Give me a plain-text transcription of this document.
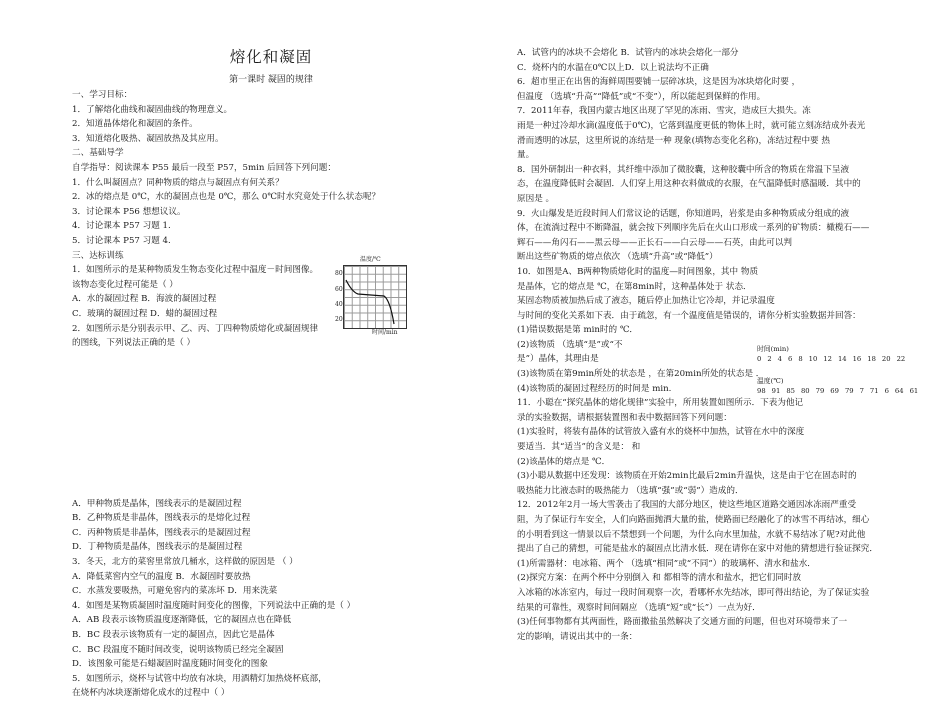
熔化和凝固

第一课时 凝固的规律

一、学习目标：

1．了解熔化曲线和凝固曲线的物理意义。

2．知道晶体熔化和凝固的条件。

3．知道熔化吸热、凝固放热及其应用。

二、基础导学

自学指导：阅读课本 P55 最后一段至 P57，5min 后回答下列问题：

1．什么叫凝固点？同种物质的熔点与凝固点有何关系？

2．冰的熔点是 0℃，水的凝固点也是 0℃，那么 0℃时水究竟处于什么状态呢？

3．讨论课本 P56 想想议议。

4．讨论课本 P57 习题 1.

5．讨论课本 P57 习题 4.

三、达标训练

1．如图所示的是某种物质发生物态变化过程中温度－时间图像。

该物态变化过程可能是（ ）

A．水的凝固过程 B．海波的凝固过程

C．玻璃的凝固过程 D．蜡的凝固过程

2．如图所示是分别表示甲、乙、丙、丁四种物质熔化或凝固规律

的图线，下列说法正确的是（ ）

A．甲种物质是晶体，图线表示的是凝固过程

B．乙种物质是非晶体，图线表示的是熔化过程

C．丙种物质是非晶体，图线表示的是凝固过程

D．丁种物质是晶体，图线表示的是凝固过程

3．冬天，北方的菜窖里常放几桶水，这样做的原因是 （ ）

A．降低菜窖内空气的温度 B．水凝固时要放热

C．水蒸发要吸热，可避免窖内的菜冻坏 D．用来洗菜

4．如图是某物质凝固时温度随时间变化的图像，下列说法中正确的是（ ）

A．AB 段表示该物质温度逐渐降低，它的凝固点也在降低

B．BC 段表示该物质有一定的凝固点，因此它是晶体

C．BC 段温度不随时间改变，说明该物质已经完全凝固

D．该图象可能是石蜡凝固时温度随时间变化的图象

5．如图所示，烧杯与试管中均放有冰块，用酒精灯加热烧杯底部，

在烧杯内冰块逐渐熔化成水的过程中（ ）

温度/℃
时间/min
80
60
40
20

A．试管内的冰块不会熔化 B．试管内的冰块会熔化一部分

C．烧杯内的水温在0℃以上D．以上说法均不正确

6．超市里正在出售的海鲜周围要铺一层碎冰块，这是因为冰块熔化时要 ，

但温度 （选填“升高”“降低”或“不变”），所以能起到保鲜的作用。

7．2011年春，我国内蒙古地区出现了罕见的冻雨、雪灾，造成巨大损失。冻

雨是一种过冷却水滴(温度低于0℃)，它落到温度更低的物体上时，就可能立刻冻结成外表光

滑而透明的冰层，这里所说的冻结是一种 现象(填物态变化名称)，冻结过程中要 热

量。

8．国外研制出一种衣料，其纤维中添加了微胶囊，这种胶囊中所含的物质在常温下呈液

态，在温度降低时会凝固．人们穿上用这种衣料做成的衣服，在气温降低时感温暖．其中的

原因是 。

9．火山爆发是近段时间人们常议论的话题，你知道吗，岩浆是由多种物质成分组成的液

体，在流淌过程中不断降温，就会按下列顺序先后在火山口形成一系列的矿物质：橄榄石——

辉石——角闪石——黑云母——正长石——白云母——石英，由此可以判

断出这些矿物质的熔点依次 （选填“升高”或“降低”）

10．如图是A、B两种物质熔化时的温度—时间图象，其中 物质

是晶体，它的熔点是 ℃，在第8min时，这种晶体处于 状态．

某固态物质被加热后成了液态，随后停止加热让它冷却，并记录温度

与时间的变化关系如下表．由于疏忽，有一个温度值是错误的，请你分析实验数据并回答：

(1)错误数据是第 min时的 ℃．

(2)该物质 （选填“是”或“不

是”）晶体，其理由是

(3)该物质在第9min所处的状态是 ，在第20min所处的状态是 ．

(4)该物质的凝固过程经历的时间是 min.

11．小聪在“探究晶体的熔化规律”实验中，所用装置如图所示．下表为他记

录的实验数据，请根据装置图和表中数据回答下列问题：

(1)实验时，将装有晶体的试管放入盛有水的烧杯中加热，试管在水中的深度

要适当．其“适当”的含义是： 和

(2)该晶体的熔点是 ℃．

(3)小聪从数据中还发现：该物质在开始2min比最后2min升温快，这是由于它在固态时的

吸热能力比液态时的吸热能力 （选填“强”或“弱”）造成的．

12．2012年2月一场大雪袭击了我国的大部分地区，使这些地区道路交通因冰冻雨严重受

阻，为了保证行车安全，人们向路面抛洒大量的盐，使路面已经融化了的冰雪不再结冰，细心

的小明看到这一情景以后不禁想到一个问题，为什么向水里加盐，水就不易结冰了呢?对此他

提出了自己的猜想，可能是盐水的凝固点比清水低．现在请你在家中对他的猜想进行验证探究．

(1)所需器材：电冰箱、两个 （选填“相同”或“不同”）的玻璃杯、清水和盐水．

(2)探究方案：在两个杯中分别倒入 和 都相等的清水和盐水，把它们同时放

入冰箱的冰冻室内，每过一段时间观察一次，看哪杯水先结冰，即可得出结论，为了保证实验

结果的可靠性，观察时间间隔应 （选填“短”或“长”）一点为好．

(3)任何事物都有其两面性，路面撒盐虽然解决了交通方面的问题，但也对环境带来了一

定的影响，请说出其中的一条：

时间(min)0 2 4 6 8 10 12 14 16 18 20 22
温度(℃)98 91 85 80 79 69 79 7 71 6 64 61
